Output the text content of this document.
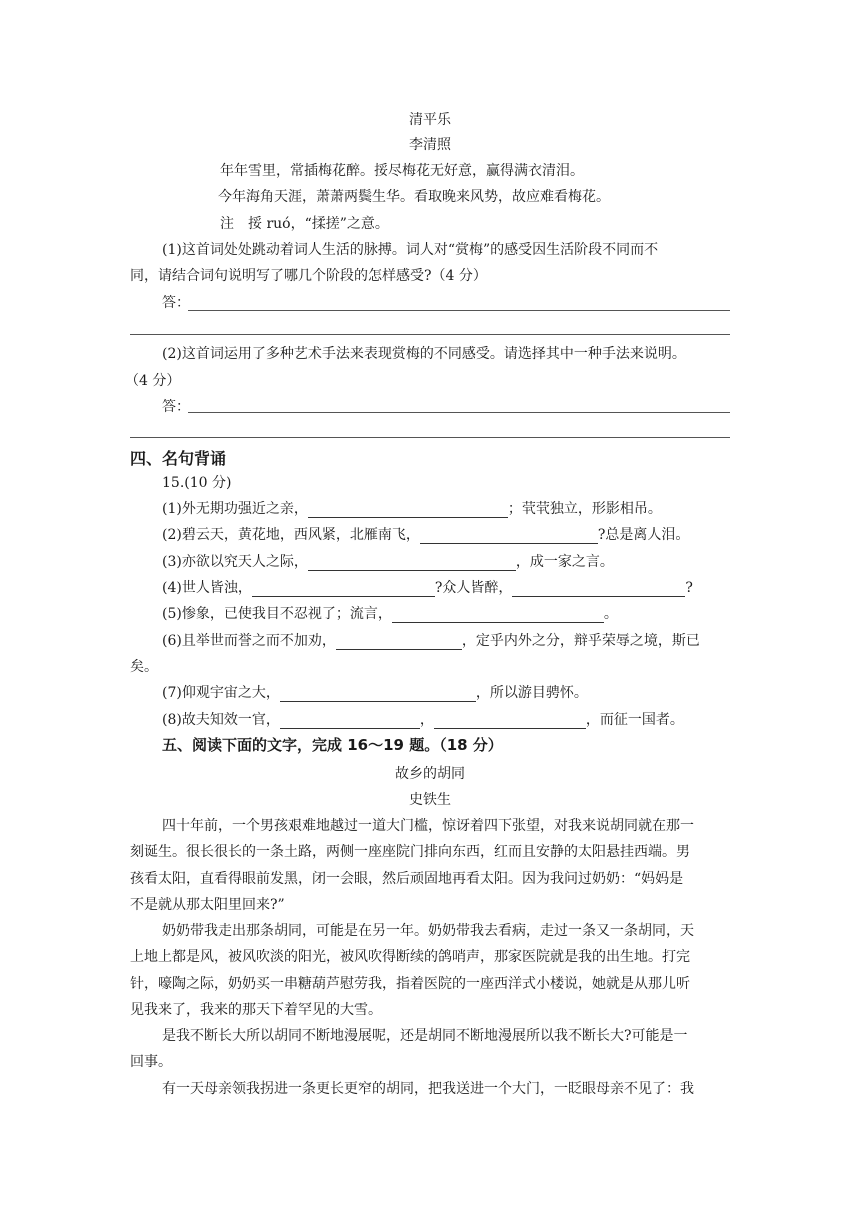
清平乐
李清照
年年雪里，常插梅花醉。挼尽梅花无好意，赢得满衣清泪。
今年海角天涯，萧萧两鬓生华。看取晚来风势，故应难看梅花。
注　挼 ruó，“揉搓”之意。
(1)这首词处处跳动着词人生活的脉搏。词人对“赏梅”的感受因生活阶段不同而不
同，请结合词句说明写了哪几个阶段的怎样感受?（4 分）
答：
(2)这首词运用了多种艺术手法来表现赏梅的不同感受。请选择其中一种手法来说明。
（4 分）
答：
四、名句背诵
15.(10 分)
(1)外无期功强近之亲，	；茕茕独立，形影相吊。
(2)碧云天，黄花地，西风紧，北雁南飞，	?总是离人泪。
(3)亦欲以究天人之际，	，成一家之言。
(4)世人皆浊，	?众人皆醉，	?
(5)惨象，已使我目不忍视了；流言，	。
(6)且举世而誉之而不加劝，	，定乎内外之分，辩乎荣辱之境，斯已
矣。
(7)仰观宇宙之大，	，所以游目骋怀。
(8)故夫知效一官，	，	，而征一国者。
五、阅读下面的文字，完成 16～19 题。（18 分）
故乡的胡同
史铁生
四十年前，一个男孩艰难地越过一道大门槛，惊讶着四下张望，对我来说胡同就在那一
刻诞生。很长很长的一条土路，两侧一座座院门排向东西，红而且安静的太阳悬挂西端。男
孩看太阳，直看得眼前发黑，闭一会眼，然后顽固地再看太阳。因为我问过奶奶：“妈妈是
不是就从那太阳里回来?”
奶奶带我走出那条胡同，可能是在另一年。奶奶带我去看病，走过一条又一条胡同，天
上地上都是风，被风吹淡的阳光，被风吹得断续的鸽哨声，那家医院就是我的出生地。打完
针，嚎陶之际，奶奶买一串糖葫芦慰劳我，指着医院的一座西洋式小楼说，她就是从那儿听
见我来了，我来的那天下着罕见的大雪。
是我不断长大所以胡同不断地漫展呢，还是胡同不断地漫展所以我不断长大?可能是一
回事。
有一天母亲领我拐进一条更长更窄的胡同，把我送进一个大门，一眨眼母亲不见了：我
